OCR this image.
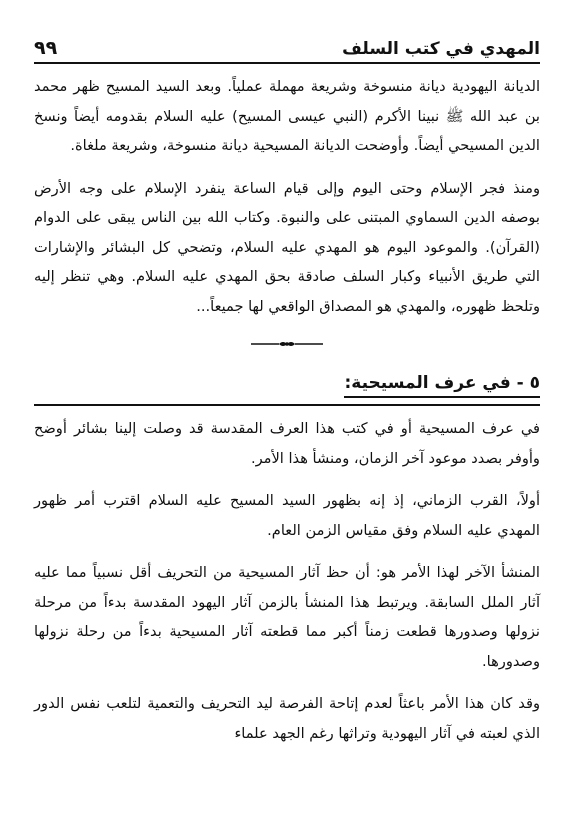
المهدي في كتب السلف
٩٩

الديانة اليهودية ديانة منسوخة وشريعة مهملة عملياً. وبعد السيد المسيح ظهر محمد بن عبد الله ﷺ نبينا الأكرم (النبي عيسى المسيح) عليه السلام بقدومه أيضاً ونسخ الدين المسيحي أيضاً. وأوضحت الديانة المسيحية ديانة منسوخة، وشريعة ملغاة.

ومنذ فجر الإسلام وحتى اليوم وإلى قيام الساعة ينفرد الإسلام على وجه الأرض بوصفه الدين السماوي المبتنى على والنبوة. وكتاب الله بين الناس يبقى على الدوام (القرآن). والموعود اليوم هو المهدي عليه السلام، وتضحي كل البشائر والإشارات التي طريق الأنبياء وكبار السلف صادقة بحق المهدي عليه السلام. وهي تنظر إليه وتلحظ ظهوره، والمهدي هو المصداق الواقعي لها جميعاً...

٥ - في عرف المسيحية:

في عرف المسيحية أو في كتب هذا العرف المقدسة قد وصلت إلينا بشائر أوضح وأوفر بصدد موعود آخر الزمان، ومنشأ هذا الأمر.

أولاً، القرب الزماني، إذ إنه بظهور السيد المسيح عليه السلام اقترب أمر ظهور المهدي عليه السلام وفق مقياس الزمن العام.

المنشأ الآخر لهذا الأمر هو: أن حظ آثار المسيحية من التحريف أقل نسبياً مما عليه آثار الملل السابقة. ويرتبط هذا المنشأ بالزمن آثار اليهود المقدسة بدءاً من مرحلة نزولها وصدورها قطعت زمناً أكبر مما قطعته آثار المسيحية بدءاً من رحلة نزولها وصدورها.

وقد كان هذا الأمر باعثاً لعدم إتاحة الفرصة ليد التحريف والتعمية لتلعب نفس الدور الذي لعبته في آثار اليهودية وتراثها رغم الجهد علماء
